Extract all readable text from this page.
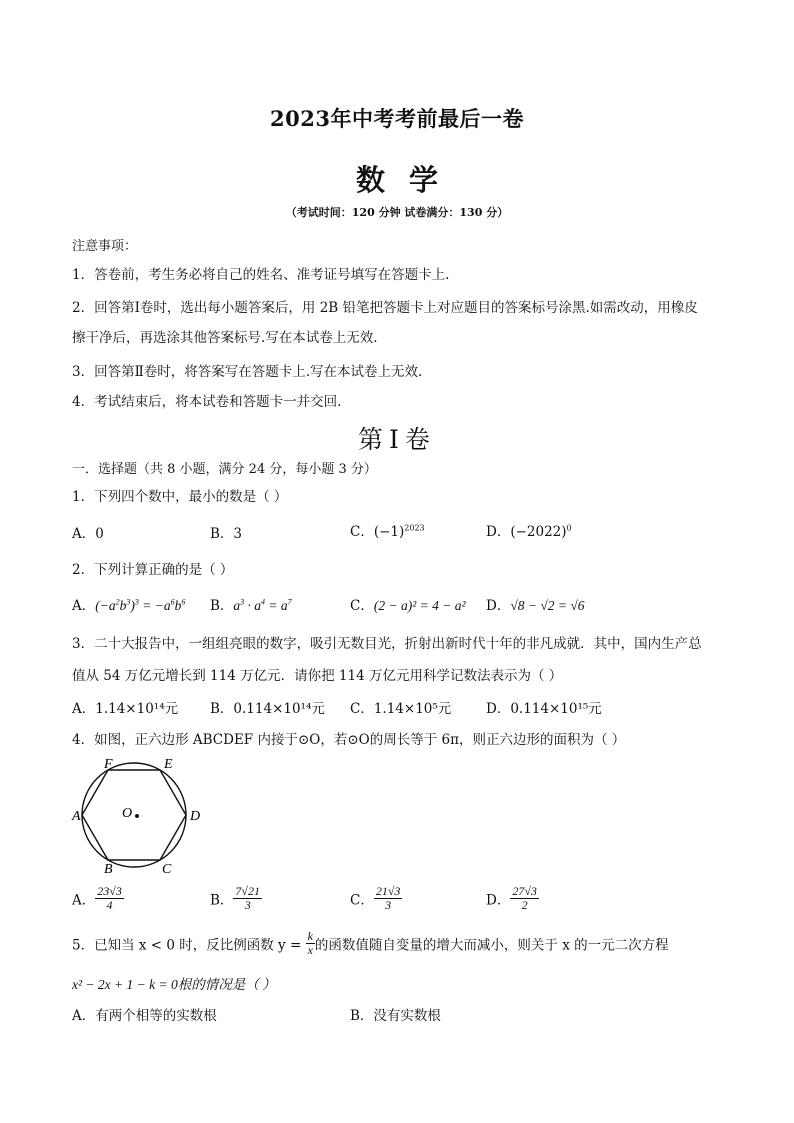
2023年中考考前最后一卷
数学
（考试时间：120 分钟 试卷满分：130 分）
注意事项：
1．答卷前，考生务必将自己的姓名、准考证号填写在答题卡上.
2．回答第Ⅰ卷时，选出每小题答案后，用 2B 铅笔把答题卡上对应题目的答案标号涂黑.如需改动，用橡皮
擦干净后，再选涂其他答案标号.写在本试卷上无效.
3．回答第Ⅱ卷时，将答案写在答题卡上.写在本试卷上无效.
4．考试结束后，将本试卷和答题卡一并交回.
第Ⅰ卷
一．选择题（共 8 小题，满分 24 分，每小题 3 分）
1．下列四个数中，最小的数是（ ）
A．0	B．3	C．$(-1)^{2023}$	D．$(-2022)^0$
2．下列计算正确的是（ ）
A．$(-a^2b^3)^3 = -a^6b^6$ B．$a^3 \cdot a^4 = a^7$	C．(2 − a)² = 4 − a² D．√8 − √2 = √6
3．二十大报告中，一组组亮眼的数字，吸引无数目光，折射出新时代十年的非凡成就．其中，国内生产总
值从 54 万亿元增长到 114 万亿元．请你把 114 万亿元用科学记数法表示为（ ）
A．1.14×10¹⁴元 B．0.114×10¹⁴元 C．1.14×10⁵元	D．0.114×10¹⁵元
4．如图，正六边形 ABCDEF 内接于⊙O，若⊙O的周长等于 6π，则正六边形的面积为（ ）
F	E
A	D
B	C
O
A． $\frac{23√3}{4}$	B． $\frac{7√21}{3}$	C． $\frac{21√3}{3}$	D． $\frac{27√3}{2}$
5．已知当 x < 0 时，反比例函数 $y = \frac{k}{x}$ 的函数值随自变量的增大而减小，则关于 x 的一元二次方程
x² − 2x + 1 − k = 0根的情况是（ ）
A．有两个相等的实数根	B．没有实数根
